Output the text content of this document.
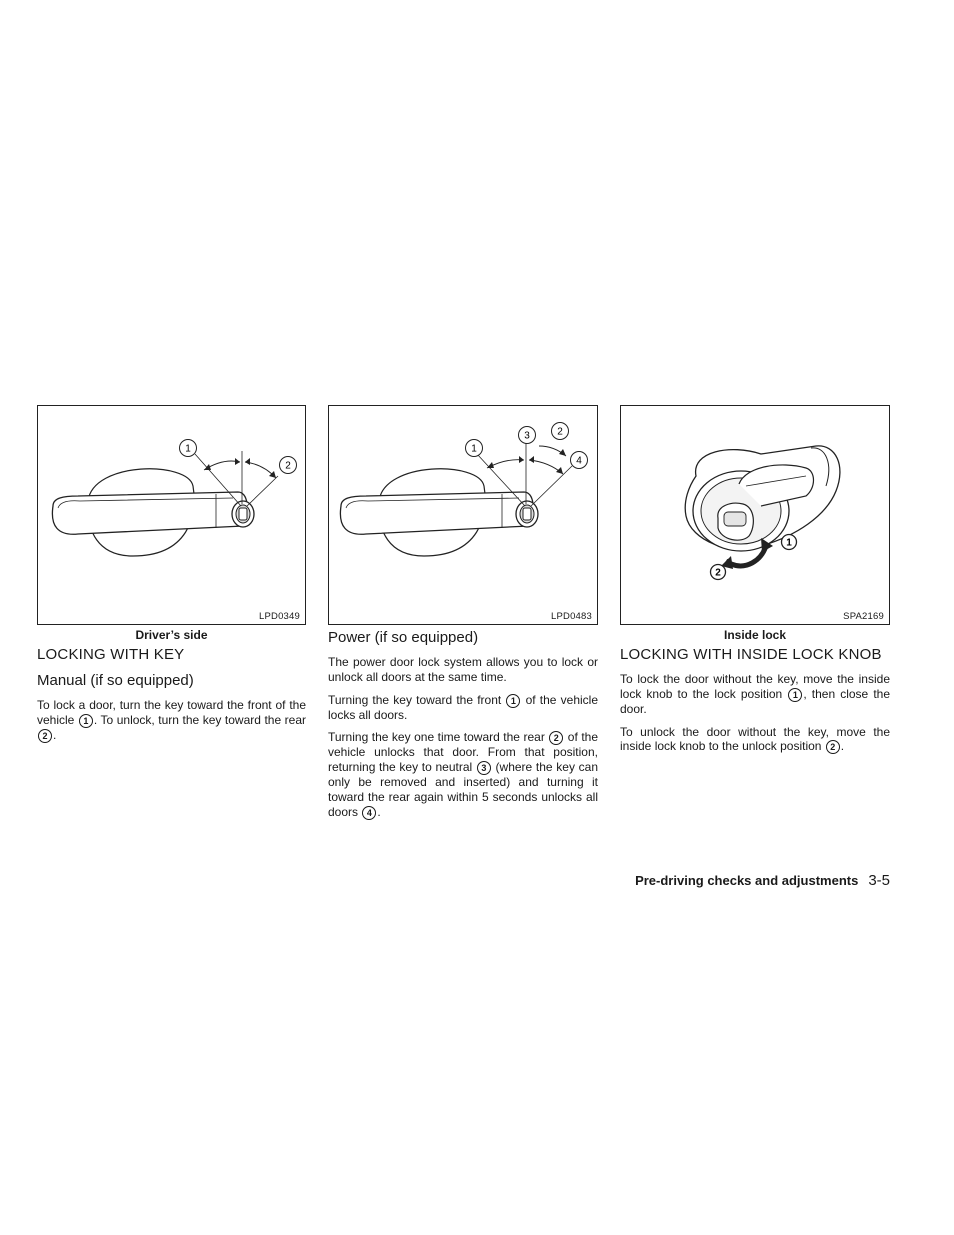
1
2
LPD0349
Driver’s side
LOCKING WITH KEY
Manual (if so equipped)

To lock a door, turn the key toward the front of the vehicle 1 . To unlock, turn the key toward the rear 2 .

1
3	2
4
LPD0483
Power (if so equipped)

The power door lock system allows you to lock or unlock all doors at the same time.

Turning the key toward the front 1 of the vehicle locks all doors.

Turning the key one time toward the rear 2 of the vehicle unlocks that door. From that position, returning the key to neutral 3 (where the key can only be removed and inserted) and turning it toward the rear again within 5 seconds unlocks all doors 4 .

1
2
SPA2169
Inside lock
LOCKING WITH INSIDE LOCK KNOB

To lock the door without the key, move the inside lock knob to the lock position 1 , then close the door.

To unlock the door without the key, move the inside lock knob to the unlock position 2 .

Pre-driving checks and adjustments 3-5
